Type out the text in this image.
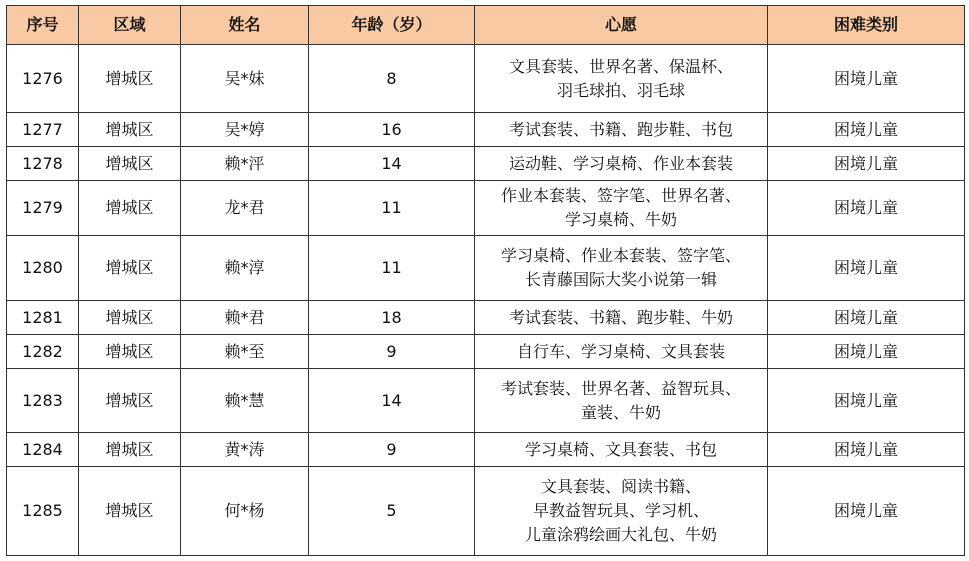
序号	区域	姓名	年龄（岁）	心愿	困难类别
1276	增城区	吴*妹	8	文具套装、世界名著、保温杯、
羽毛球拍、羽毛球	困境儿童
1277	增城区	吴*婷	16	考试套装、书籍、跑步鞋、书包	困境儿童
1278	增城区	赖*泙	14	运动鞋、学习桌椅、作业本套装	困境儿童
1279	增城区	龙*君	11	作业本套装、签字笔、世界名著、
学习桌椅、牛奶	困境儿童
1280	增城区	赖*淳	11	学习桌椅、作业本套装、签字笔、
长青藤国际大奖小说第一辑	困境儿童
1281	增城区	赖*君	18	考试套装、书籍、跑步鞋、牛奶	困境儿童
1282	增城区	赖*至	9	自行车、学习桌椅、文具套装	困境儿童
1283	增城区	赖*慧	14	考试套装、世界名著、益智玩具、
童装、牛奶	困境儿童
1284	增城区	黄*涛	9	学习桌椅、文具套装、书包	困境儿童
1285	增城区	何*杨	5	文具套装、阅读书籍、
早教益智玩具、学习机、
儿童涂鸦绘画大礼包、牛奶	困境儿童
